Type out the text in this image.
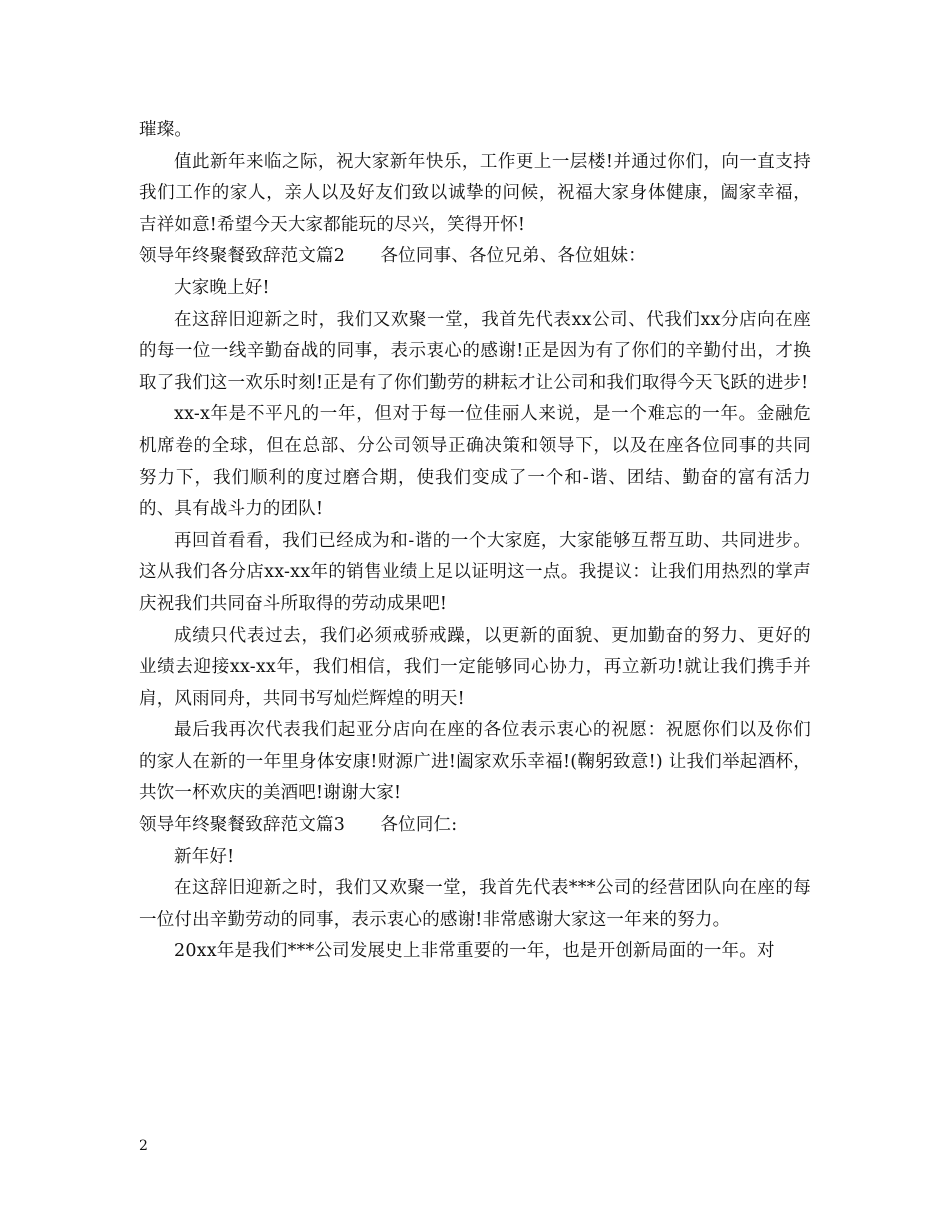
璀璨。

值此新年来临之际，祝大家新年快乐，工作更上一层楼!并通过你们，向一直支持我们工作的家人，亲人以及好友们致以诚挚的问候，祝福大家身体健康，阖家幸福，吉祥如意!希望今天大家都能玩的尽兴，笑得开怀!

领导年终聚餐致辞范文篇2　　各位同事、各位兄弟、各位姐妹：

大家晚上好!

在这辞旧迎新之时，我们又欢聚一堂，我首先代表xx公司、代我们xx分店向在座的每一位一线辛勤奋战的同事，表示衷心的感谢!正是因为有了你们的辛勤付出，才换取了我们这一欢乐时刻!正是有了你们勤劳的耕耘才让公司和我们取得今天飞跃的进步!

xx-x年是不平凡的一年，但对于每一位佳丽人来说，是一个难忘的一年。金融危机席卷的全球，但在总部、分公司领导正确决策和领导下，以及在座各位同事的共同努力下，我们顺利的度过磨合期，使我们变成了一个和-谐、团结、勤奋的富有活力的、具有战斗力的团队!

再回首看看，我们已经成为和-谐的一个大家庭，大家能够互帮互助、共同进步。这从我们各分店xx-xx年的销售业绩上足以证明这一点。我提议：让我们用热烈的掌声庆祝我们共同奋斗所取得的劳动成果吧!

成绩只代表过去，我们必须戒骄戒躁，以更新的面貌、更加勤奋的努力、更好的业绩去迎接xx-xx年，我们相信，我们一定能够同心协力，再立新功!就让我们携手并肩，风雨同舟，共同书写灿烂辉煌的明天!

最后我再次代表我们起亚分店向在座的各位表示衷心的祝愿：祝愿你们以及你们的家人在新的一年里身体安康!财源广进!阖家欢乐幸福!(鞠躬致意!) 让我们举起酒杯，共饮一杯欢庆的美酒吧!谢谢大家!

领导年终聚餐致辞范文篇3　　各位同仁:

新年好!

在这辞旧迎新之时，我们又欢聚一堂，我首先代表***公司的经营团队向在座的每一位付出辛勤劳动的同事，表示衷心的感谢!非常感谢大家这一年来的努力。

20xx年是我们***公司发展史上非常重要的一年，也是开创新局面的一年。对

2
